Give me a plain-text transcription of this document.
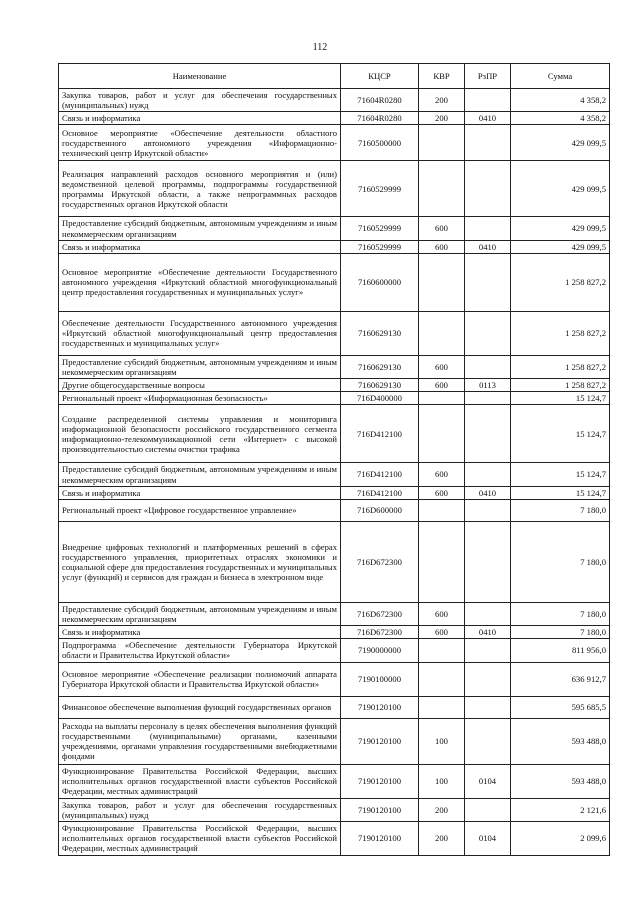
112
Наименование	КЦСР	КВР	РзПР	Сумма
Закупка товаров, работ и услуг для обеспечения государственных (муниципальных) нужд	71604R0280	200		4 358,2
Связь и информатика	71604R0280	200	0410	4 358,2
Основное мероприятие «Обеспечение деятельности областного государственного автономного учреждения «Информационно-технический центр Иркутской области»	7160500000			429 099,5
Реализация направлений расходов основного мероприятия и (или) ведомственной целевой программы, подпрограммы государственной программы Иркутской области, а также непрограммных расходов государственных органов Иркутской области	7160529999			429 099,5
Предоставление субсидий бюджетным, автономным учреждениям и иным некоммерческим организациям	7160529999	600		429 099,5
Связь и информатика	7160529999	600	0410	429 099,5
Основное мероприятие «Обеспечение деятельности Государственного автономного учреждения «Иркутский областной многофункциональный центр предоставления государственных и муниципальных услуг»	7160600000			1 258 827,2
Обеспечение деятельности Государственного автономного учреждения «Иркутский областной многофункциональный центр предоставления государственных и муниципальных услуг»	7160629130			1 258 827,2
Предоставление субсидий бюджетным, автономным учреждениям и иным некоммерческим организациям	7160629130	600		1 258 827,2
Другие общегосударственные вопросы	7160629130	600	0113	1 258 827,2
Региональный проект «Информационная безопасность»	716D400000			15 124,7
Создание распределенной системы управления и мониторинга информационной безопасности российского государственного сегмента информационно-телекоммуникационной сети «Интернет» с высокой производительностью системы очистки трафика	716D412100			15 124,7
Предоставление субсидий бюджетным, автономным учреждениям и иным некоммерческим организациям	716D412100	600		15 124,7
Связь и информатика	716D412100	600	0410	15 124,7
Региональный проект «Цифровое государственное управление»	716D600000			7 180,0
Внедрение цифровых технологий и платформенных решений в сферах государственного управления, приоритетных отраслях экономики и социальной сфере для предоставления государственных и муниципальных услуг (функций) и сервисов для граждан и бизнеса в электронном виде	716D672300			7 180,0
Предоставление субсидий бюджетным, автономным учреждениям и иным некоммерческим организациям	716D672300	600		7 180,0
Связь и информатика	716D672300	600	0410	7 180,0
Подпрограмма «Обеспечение деятельности Губернатора Иркутской области и Правительства Иркутской области»	7190000000			811 956,0
Основное мероприятие «Обеспечение реализации полномочий аппарата Губернатора Иркутской области и Правительства Иркутской области»	7190100000			636 912,7
Финансовое обеспечение выполнения функций государственных органов	7190120100			595 685,5
Расходы на выплаты персоналу в целях обеспечения выполнения функций государственными (муниципальными) органами, казенными учреждениями, органами управления государственными внебюджетными фондами	7190120100	100		593 488,0
Функционирование Правительства Российской Федерации, высших исполнительных органов государственной власти субъектов Российской Федерации, местных администраций	7190120100	100	0104	593 488,0
Закупка товаров, работ и услуг для обеспечения государственных (муниципальных) нужд	7190120100	200		2 121,6
Функционирование Правительства Российской Федерации, высших исполнительных органов государственной власти субъектов Российской Федерации, местных администраций	7190120100	200	0104	2 099,6
